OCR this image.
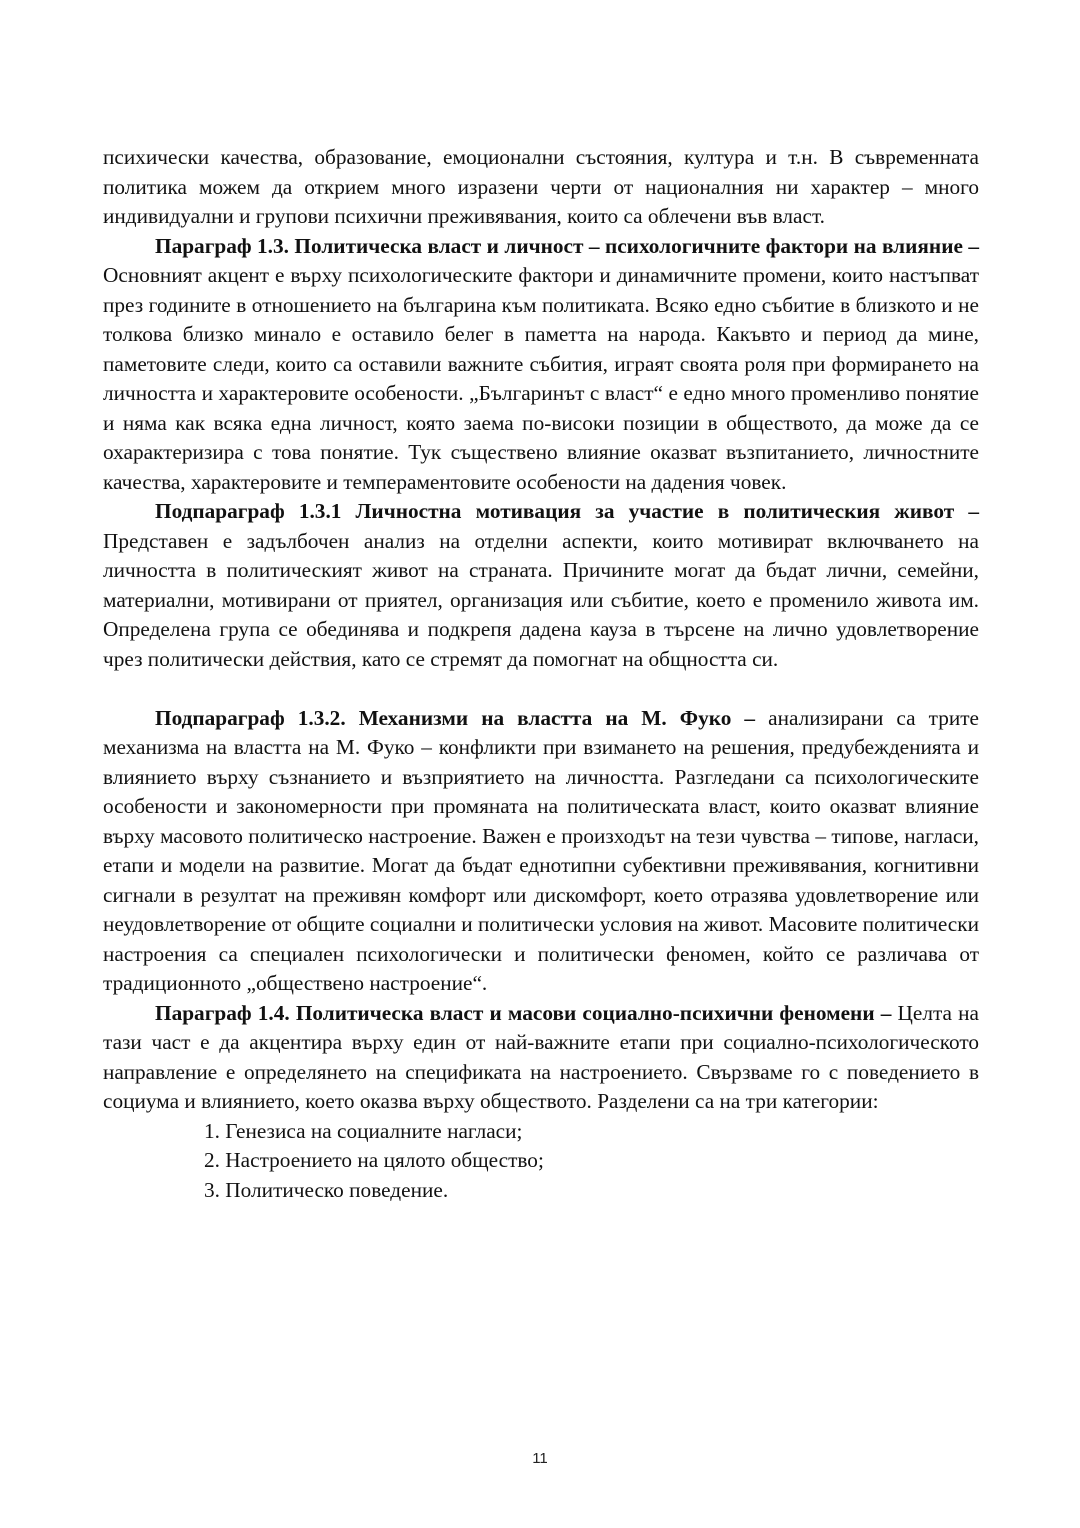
психически качества, образование, емоционални състояния, култура и т.н. В съвременната политика можем да открием много изразени черти от националния ни характер – много индивидуални и групови психични преживявания, които са облечени във власт.

Параграф 1.3. Политическа власт и личност – психологичните фактори на влияние – Основният акцент е върху психологическите фактори и динамичните промени, които настъпват през годините в отношението на българина към политиката. Всяко едно събитие в близкото и не толкова близко минало е оставило белег в паметта на народа. Какъвто и период да мине, паметовите следи, които са оставили важните събития, играят своята роля при формирането на личността и характеровите особености. „Българинът с власт“ е едно много променливо понятие и няма как всяка една личност, която заема по-високи позиции в обществото, да може да се охарактеризира с това понятие. Тук съществено влияние оказват възпитанието, личностните качества, характеровите и темпераментовите особености на дадения човек.

Подпараграф 1.3.1 Личностна мотивация за участие в политическия живот – Представен е задълбочен анализ на отделни аспекти, които мотивират включването на личността в политическият живот на страната. Причините могат да бъдат лични, семейни, материални, мотивирани от приятел, организация или събитие, което е променило живота им. Определена група се обединява и подкрепя дадена кауза в търсене на лично удовлетворение чрез политически действия, като се стремят да помогнат на общността си.

Подпараграф 1.3.2. Механизми на властта на М. Фуко – анализирани са трите механизма на властта на М. Фуко – конфликти при взимането на решения, предубежденията и влиянието върху съзнанието и възприятието на личността. Разгледани са психологическите особености и закономерности при промяната на политическата власт, които оказват влияние върху масовото политическо настроение. Важен е произходът на тези чувства – типове, нагласи, етапи и модели на развитие. Могат да бъдат еднотипни субективни преживявания, когнитивни сигнали в резултат на преживян комфорт или дискомфорт, което отразява удовлетворение или неудовлетворение от общите социални и политически условия на живот. Масовите политически настроения са специален психологически и политически феномен, който се различава от традиционното „обществено настроение“.

Параграф 1.4. Политическа власт и масови социално-психични феномени – Целта на тази част е да акцентира върху един от най-важните етапи при социално-психологическото направление е определянето на спецификата на настроението. Свързваме го с поведението в социума и влиянието, което оказва върху обществото. Разделени са на три категории:

1. Генезиса на социалните нагласи;
2. Настроението на цялото общество;
3. Политическо поведение.
11
